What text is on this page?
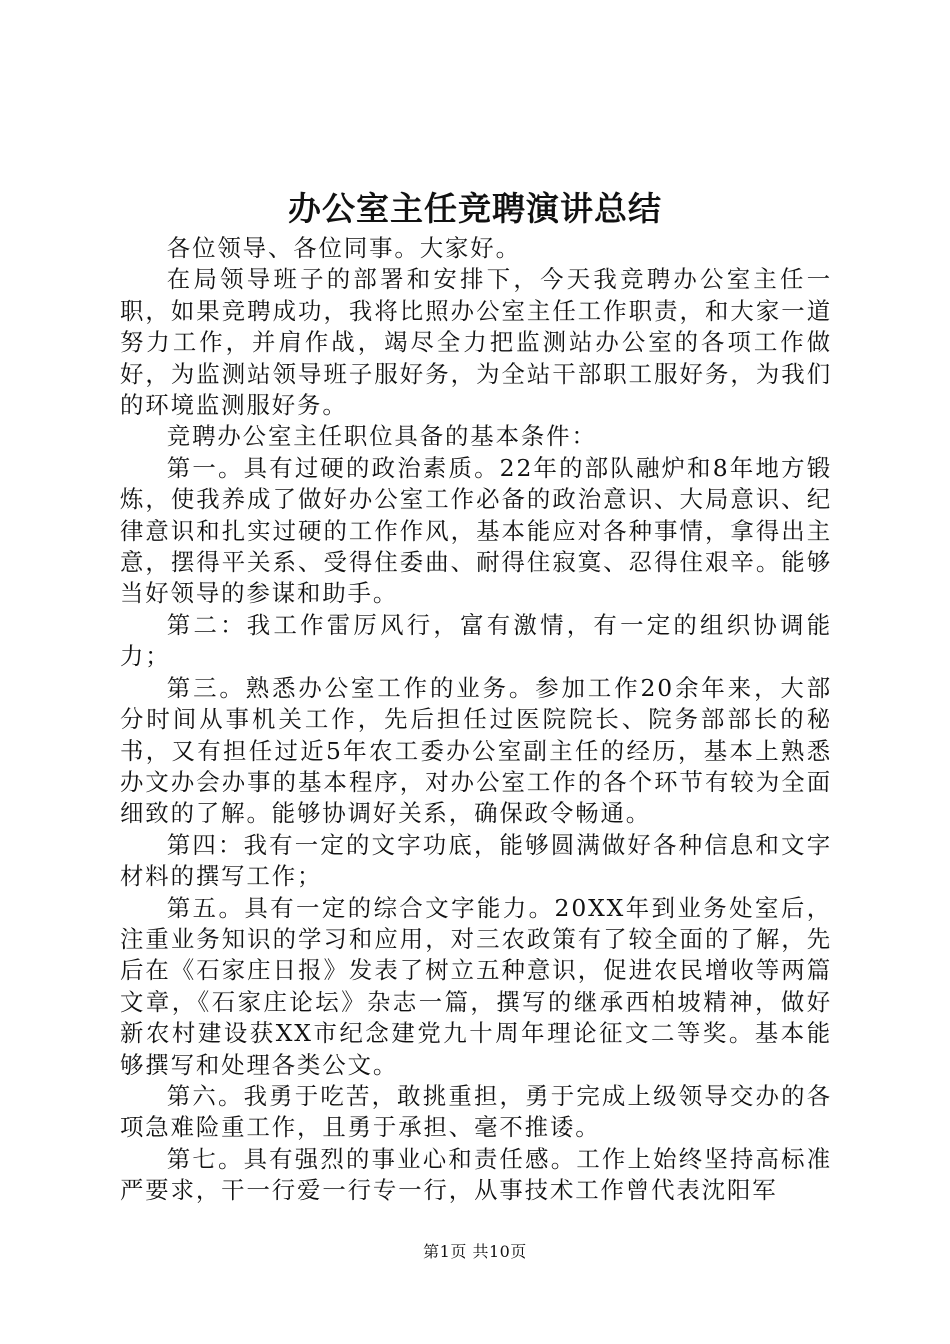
办公室主任竞聘演讲总结

各位领导、各位同事。大家好。

在局领导班子的部署和安排下，今天我竞聘办公室主任一职，如果竞聘成功，我将比照办公室主任工作职责，和大家一道努力工作，并肩作战，竭尽全力把监测站办公室的各项工作做好，为监测站领导班子服好务，为全站干部职工服好务，为我们的环境监测服好务。

竞聘办公室主任职位具备的基本条件：

第一。具有过硬的政治素质。22年的部队融炉和8年地方锻炼，使我养成了做好办公室工作必备的政治意识、大局意识、纪律意识和扎实过硬的工作作风，基本能应对各种事情，拿得出主意，摆得平关系、受得住委曲、耐得住寂寞、忍得住艰辛。能够当好领导的参谋和助手。

第二：我工作雷厉风行，富有激情，有一定的组织协调能力；

第三。熟悉办公室工作的业务。参加工作20余年来，大部分时间从事机关工作，先后担任过医院院长、院务部部长的秘书，又有担任过近5年农工委办公室副主任的经历，基本上熟悉办文办会办事的基本程序，对办公室工作的各个环节有较为全面细致的了解。能够协调好关系，确保政令畅通。

第四：我有一定的文字功底，能够圆满做好各种信息和文字材料的撰写工作；

第五。具有一定的综合文字能力。20XX年到业务处室后，注重业务知识的学习和应用，对三农政策有了较全面的了解，先后在《石家庄日报》发表了树立五种意识，促进农民增收等两篇文章，《石家庄论坛》杂志一篇，撰写的继承西柏坡精神，做好新农村建设获XX市纪念建党九十周年理论征文二等奖。基本能够撰写和处理各类公文。

第六。我勇于吃苦，敢挑重担，勇于完成上级领导交办的各项急难险重工作，且勇于承担、毫不推诿。

第七。具有强烈的事业心和责任感。工作上始终坚持高标准严要求，干一行爱一行专一行，从事技术工作曾代表沈阳军

第1页 共10页
